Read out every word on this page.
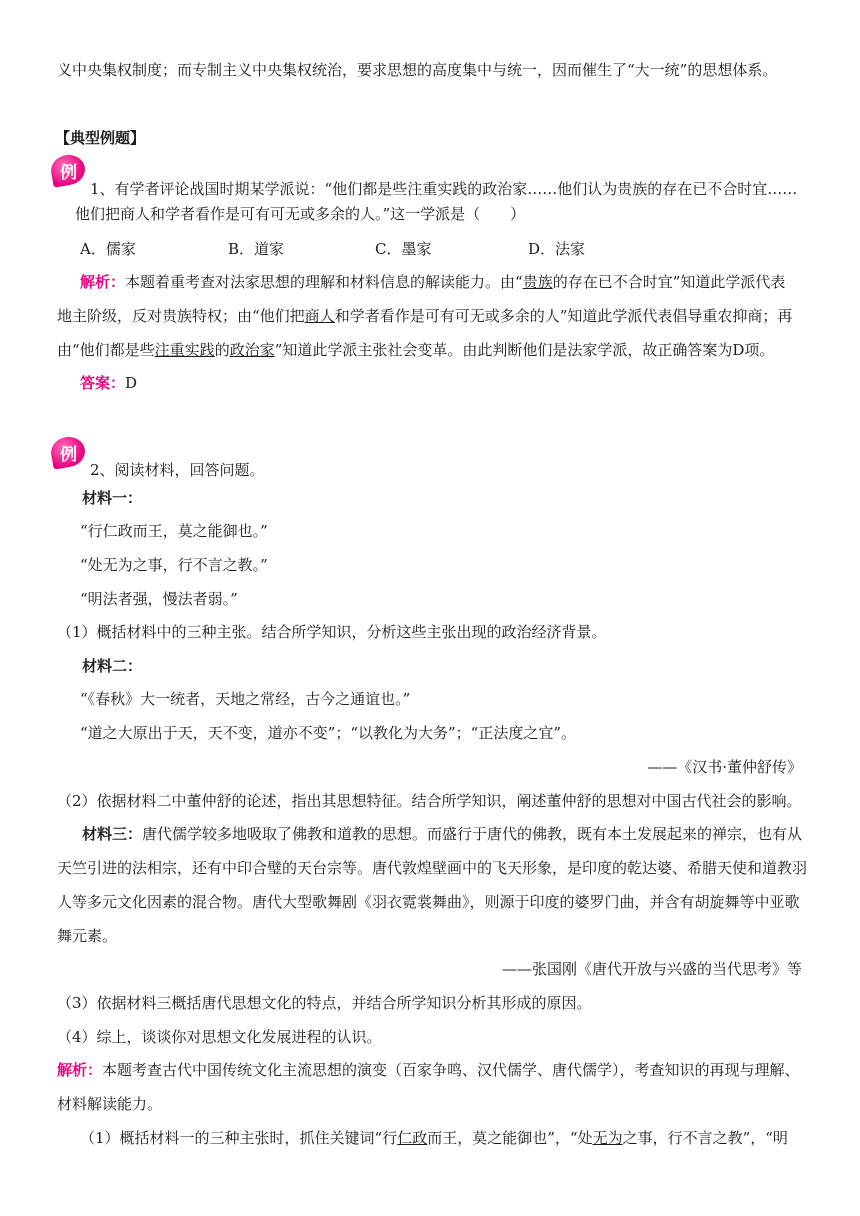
义中央集权制度；而专制主义中央集权统治，要求思想的高度集中与统一，因而催生了“大一统”的思想体系。
【典型例题】
例
1、有学者评论战国时期某学派说：“他们都是些注重实践的政治家……他们认为贵族的存在已不合时宜……
他们把商人和学者看作是可有可无或多余的人。”这一学派是（　　）
A．儒家	B．道家	C．墨家	D．法家
解析：本题着重考查对法家思想的理解和材料信息的解读能力。由“贵族的存在已不合时宜”知道此学派代表
地主阶级，反对贵族特权；由“他们把商人和学者看作是可有可无或多余的人”知道此学派代表倡导重农抑商；再
由“他们都是些注重实践的政治家”知道此学派主张社会变革。由此判断他们是法家学派，故正确答案为D项。
答案：D
例
2、阅读材料，回答问题。
材料一：
“行仁政而王，莫之能御也。”
“处无为之事，行不言之教。”
“明法者强，慢法者弱。”
（1）概括材料中的三种主张。结合所学知识，分析这些主张出现的政治经济背景。
材料二：
“《春秋》大一统者，天地之常经，古今之通谊也。”
“道之大原出于天，天不变，道亦不变”；“以教化为大务”；“正法度之宜”。
——《汉书·董仲舒传》
（2）依据材料二中董仲舒的论述，指出其思想特征。结合所学知识，阐述董仲舒的思想对中国古代社会的影响。
材料三：唐代儒学较多地吸取了佛教和道教的思想。而盛行于唐代的佛教，既有本土发展起来的禅宗，也有从
天竺引进的法相宗，还有中印合璧的天台宗等。唐代敦煌壁画中的飞天形象，是印度的乾达婆、希腊天使和道教羽
人等多元文化因素的混合物。唐代大型歌舞剧《羽衣霓裳舞曲》，则源于印度的婆罗门曲，并含有胡旋舞等中亚歌
舞元素。
——张国刚《唐代开放与兴盛的当代思考》等
（3）依据材料三概括唐代思想文化的特点，并结合所学知识分析其形成的原因。
（4）综上，谈谈你对思想文化发展进程的认识。
解析：本题考查古代中国传统文化主流思想的演变（百家争鸣、汉代儒学、唐代儒学），考查知识的再现与理解、
材料解读能力。
（1）概括材料一的三种主张时，抓住关键词“行仁政而王，莫之能御也”，“处无为之事，行不言之教”，“明
